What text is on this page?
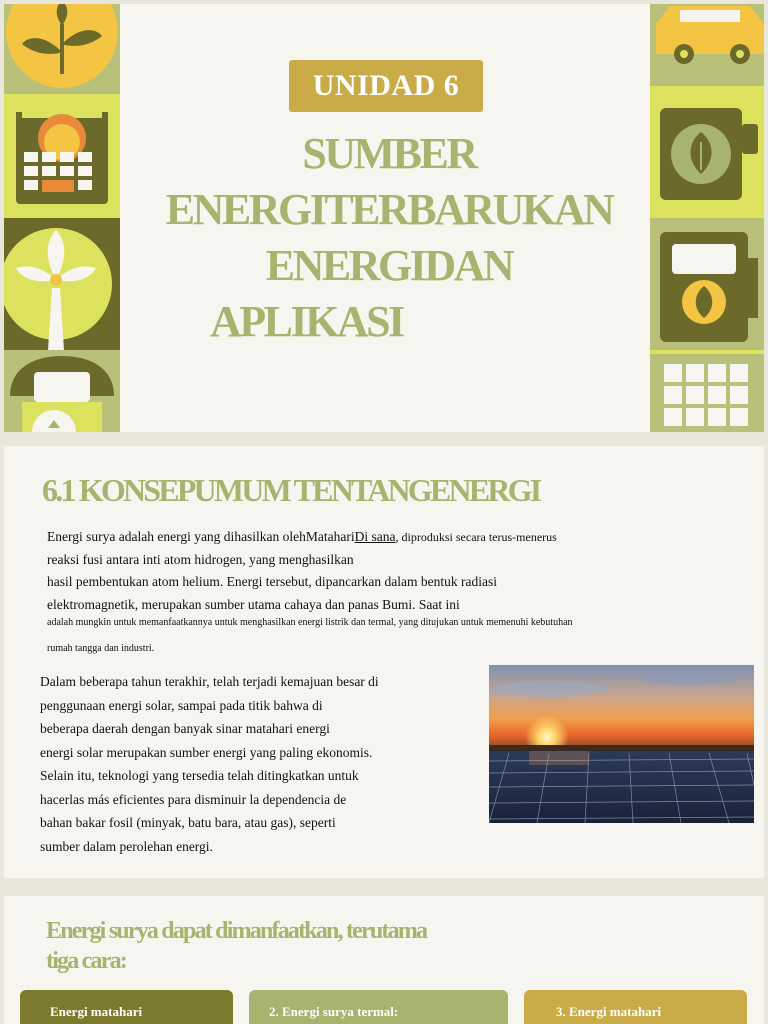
UNIDAD 6
SUMBER
ENERGITERBARUKAN
ENERGIDAN
APLIKASI
6.1 KONSEPUMUM TENTANGENERGI
Energi surya adalah energi yang dihasilkan olehMatahariDi sana, diproduksi secara terus-menerus
reaksi fusi antara inti atom hidrogen, yang menghasilkan
hasil pembentukan atom helium. Energi tersebut, dipancarkan dalam bentuk radiasi
elektromagnetik, merupakan sumber utama cahaya dan panas Bumi. Saat ini
adalah mungkin untuk memanfaatkannya untuk menghasilkan energi listrik dan termal, yang ditujukan untuk memenuhi kebutuhan
rumah tangga dan industri.
Dalam beberapa tahun terakhir, telah terjadi kemajuan besar di
penggunaan energi solar, sampai pada titik bahwa di
beberapa daerah dengan banyak sinar matahari energi
energi solar merupakan sumber energi yang paling ekonomis.
Selain itu, teknologi yang tersedia telah ditingkatkan untuk
hacerlas más eficientes para disminuir la dependencia de
bahan bakar fosil (minyak, batu bara, atau gas), seperti
sumber dalam perolehan energi.
Energi surya dapat dimanfaatkan, terutama
tiga cara:
Energi matahari	2. Energi surya termal:	3. Energi matahari
